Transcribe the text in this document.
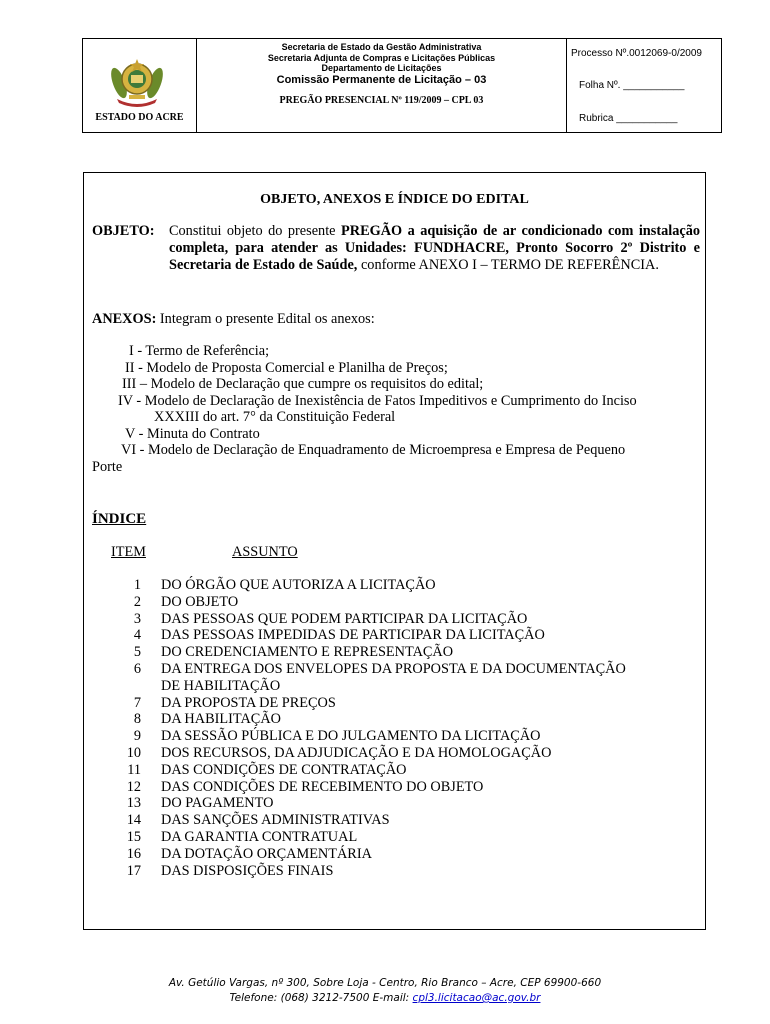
ESTADO DO ACRE
Secretaria de Estado da Gestão Administrativa
Secretaria Adjunta de Compras e Licitações Públicas
Departamento de Licitações
Comissão Permanente de Licitação – 03
PREGÃO PRESENCIAL Nº 119/2009 – CPL 03
Processo Nº.0012069-0/2009
Folha Nº. ___________
Rubrica ___________
OBJETO, ANEXOS E ÍNDICE DO EDITAL
OBJETO: Constitui objeto do presente PREGÃO a aquisição de ar condicionado com instalação completa, para atender as Unidades: FUNDHACRE, Pronto Socorro 2º Distrito e Secretaria de Estado de Saúde, conforme ANEXO I – TERMO DE REFERÊNCIA.
ANEXOS: Integram o presente Edital os anexos:
I - Termo de Referência;
II - Modelo de Proposta Comercial e Planilha de Preços;
III – Modelo de Declaração que cumpre os requisitos do edital;
IV - Modelo de Declaração de Inexistência de Fatos Impeditivos e Cumprimento do Inciso
XXXIII do art. 7° da Constituição Federal
V - Minuta do Contrato
VI - Modelo de Declaração de Enquadramento de Microempresa e Empresa de Pequeno
Porte
ÍNDICE
ITEM	ASSUNTO
1 DO ÓRGÃO QUE AUTORIZA A LICITAÇÃO
2 DO OBJETO
3 DAS PESSOAS QUE PODEM PARTICIPAR DA LICITAÇÃO
4 DAS PESSOAS IMPEDIDAS DE PARTICIPAR DA LICITAÇÃO
5 DO CREDENCIAMENTO E REPRESENTAÇÃO
6 DA ENTREGA DOS ENVELOPES DA PROPOSTA E DA DOCUMENTAÇÃO
DE HABILITAÇÃO
7 DA PROPOSTA DE PREÇOS
8 DA HABILITAÇÃO
9 DA SESSÃO PÚBLICA E DO JULGAMENTO DA LICITAÇÃO
10 DOS RECURSOS, DA ADJUDICAÇÃO E DA HOMOLOGAÇÃO
11 DAS CONDIÇÕES DE CONTRATAÇÃO
12 DAS CONDIÇÕES DE RECEBIMENTO DO OBJETO
13 DO PAGAMENTO
14 DAS SANÇÕES ADMINISTRATIVAS
15 DA GARANTIA CONTRATUAL
16 DA DOTAÇÃO ORÇAMENTÁRIA
17 DAS DISPOSIÇÕES FINAIS
Av. Getúlio Vargas, nº 300, Sobre Loja - Centro, Rio Branco – Acre, CEP 69900-660
Telefone: (068) 3212-7500 E-mail: cpl3.licitacao@ac.gov.br
